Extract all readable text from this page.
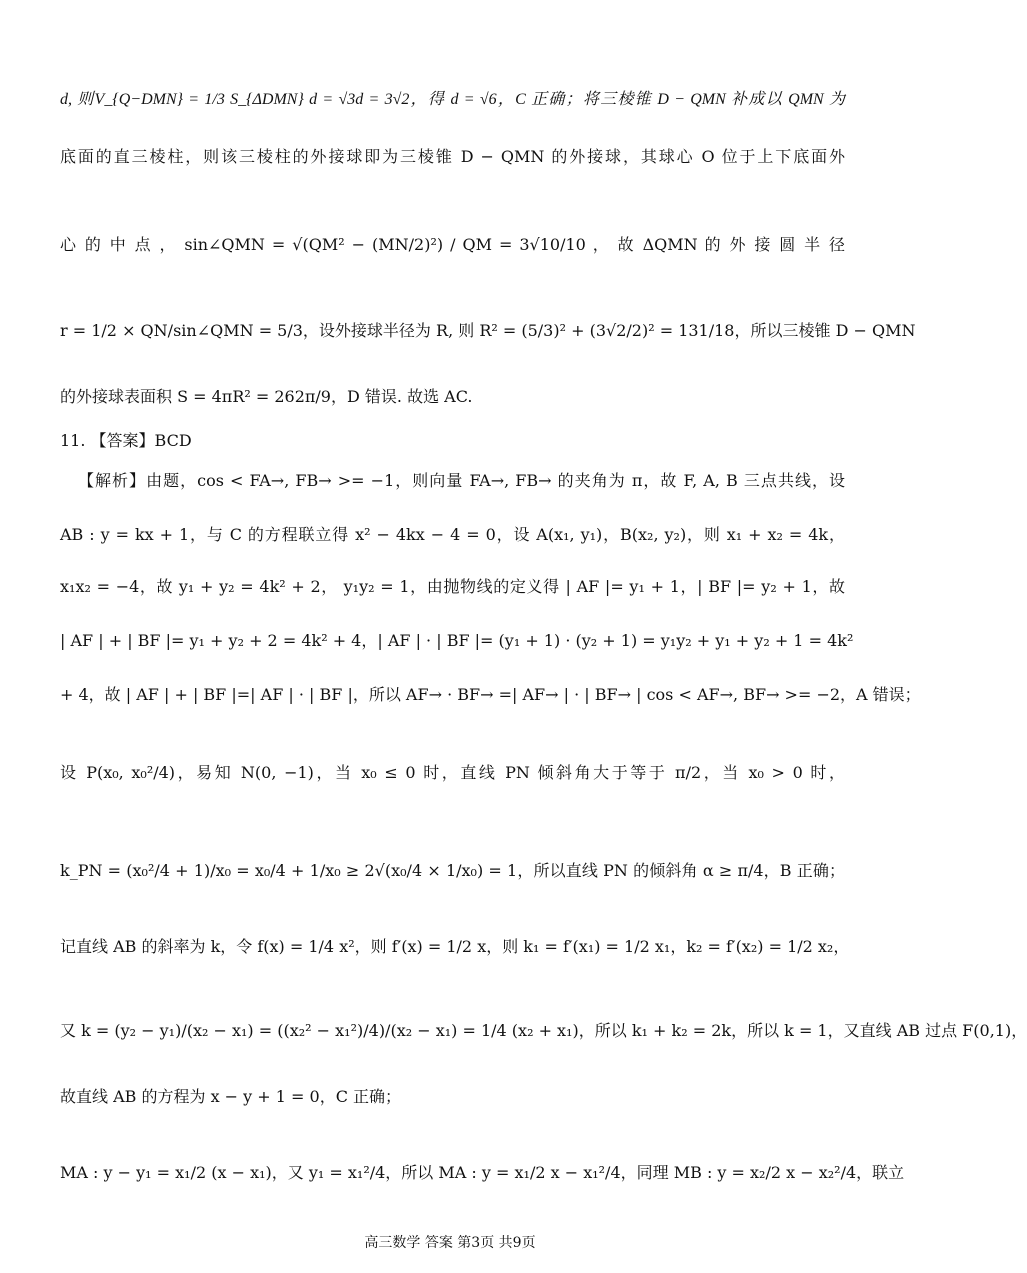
d, 则V_{Q−DMN} = 1/3 S_{ΔDMN} d = √3d = 3√2，得 d = √6，C 正确；将三棱锥 D − QMN 补成以 QMN 为
底面的直三棱柱，则该三棱柱的外接球即为三棱锥 D − QMN 的外接球，其球心 O 位于上下底面外
心 的 中 点 ， sin∠QMN = √(QM² − (MN/2)²) / QM = 3√10/10 ， 故 ΔQMN 的 外 接 圆 半 径
r = 1/2 × QN/sin∠QMN = 5/3，设外接球半径为 R, 则 R² = (5/3)² + (3√2/2)² = 131/18，所以三棱锥 D − QMN
的外接球表面积 S = 4πR² = 262π/9，D 错误. 故选 AC.
11. 【答案】BCD
【解析】由题，cos < FA→, FB→ >= −1，则向量 FA→, FB→ 的夹角为 π，故 F, A, B 三点共线，设
AB : y = kx + 1，与 C 的方程联立得 x² − 4kx − 4 = 0，设 A(x₁, y₁)，B(x₂, y₂)，则 x₁ + x₂ = 4k，
x₁x₂ = −4，故 y₁ + y₂ = 4k² + 2， y₁y₂ = 1，由抛物线的定义得 | AF |= y₁ + 1，| BF |= y₂ + 1，故
| AF | + | BF |= y₁ + y₂ + 2 = 4k² + 4，| AF | · | BF |= (y₁ + 1) · (y₂ + 1) = y₁y₂ + y₁ + y₂ + 1 = 4k²
+ 4，故 | AF | + | BF |=| AF | · | BF |，所以 AF→ · BF→ =| AF→ | · | BF→ | cos < AF→, BF→ >= −2，A 错误；
设 P(x₀, x₀²/4)，易知 N(0, −1)，当 x₀ ≤ 0 时，直线 PN 倾斜角大于等于 π/2，当 x₀ > 0 时，
k_PN = (x₀²/4 + 1)/x₀ = x₀/4 + 1/x₀ ≥ 2√(x₀/4 × 1/x₀) = 1，所以直线 PN 的倾斜角 α ≥ π/4，B 正确；
记直线 AB 的斜率为 k，令 f(x) = 1/4 x²，则 f′(x) = 1/2 x，则 k₁ = f′(x₁) = 1/2 x₁，k₂ = f′(x₂) = 1/2 x₂，
又 k = (y₂ − y₁)/(x₂ − x₁) = ((x₂² − x₁²)/4)/(x₂ − x₁) = 1/4 (x₂ + x₁)，所以 k₁ + k₂ = 2k，所以 k = 1，又直线 AB 过点 F(0,1)，
故直线 AB 的方程为 x − y + 1 = 0，C 正确；
MA : y − y₁ = x₁/2 (x − x₁)，又 y₁ = x₁²/4，所以 MA : y = x₁/2 x − x₁²/4，同理 MB : y = x₂/2 x − x₂²/4，联立
高三数学 答案 第3页 共9页
